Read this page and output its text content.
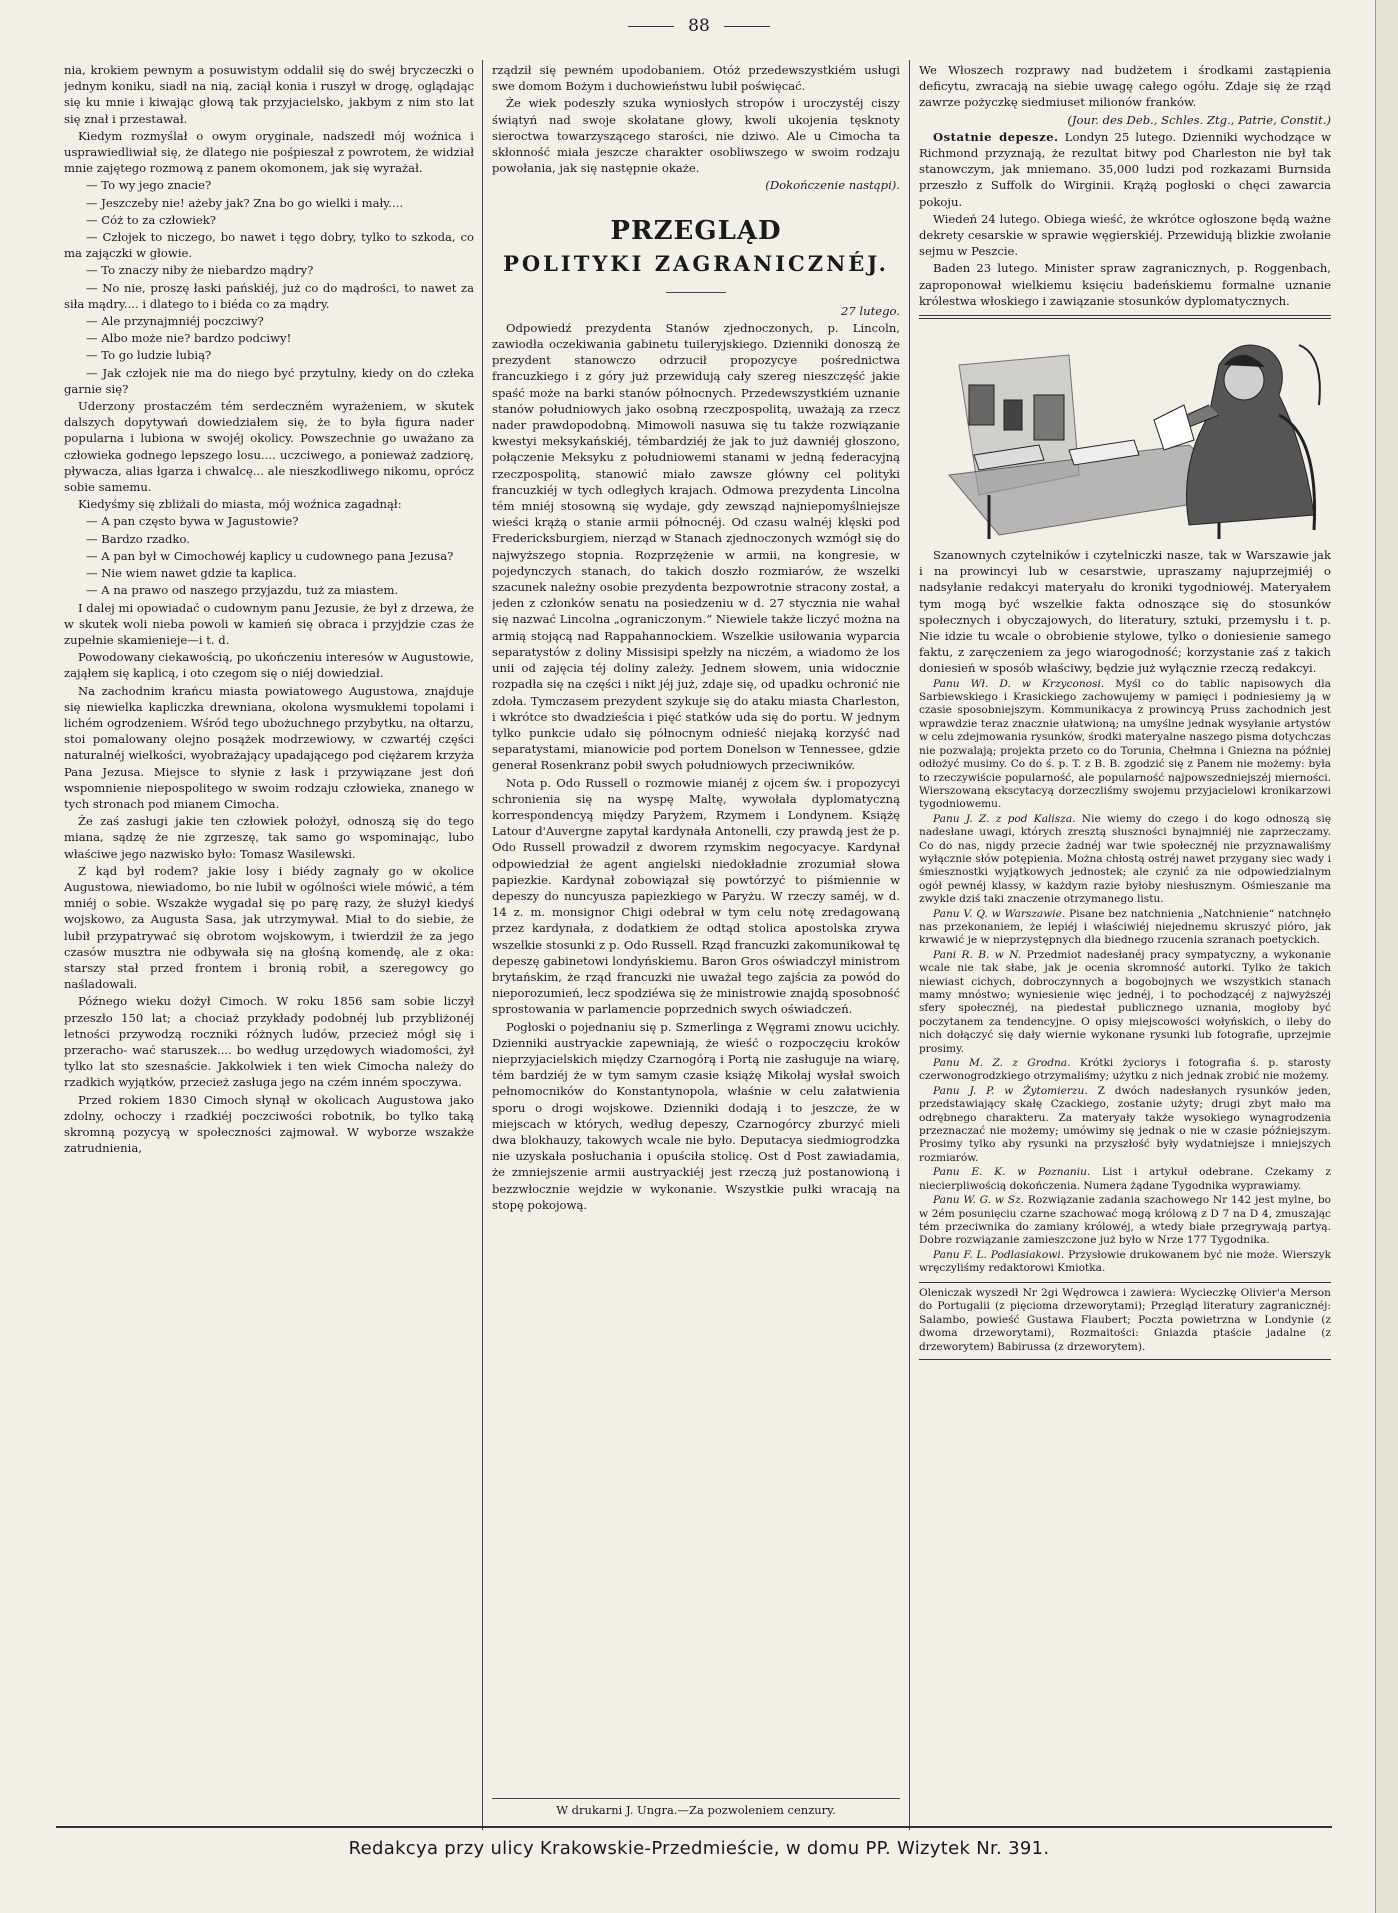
88

nia, krokiem pewnym a posuwistym oddalił się do swéj bryczeczki o jednym koniku, siadł na nią, zaciął konia i ruszył w drogę, oglądając się ku mnie i kiwając głową tak przyjacielsko, jakbym z nim sto lat się znał i przestawał.

Kiedym rozmyślał o owym oryginale, nadszedł mój woźnica i usprawiedliwiał się, że dlatego nie pośpieszał z powrotem, że widział mnie zajętego rozmową z panem okomonem, jak się wyrażał.

— To wy jego znacie?

— Jeszczeby nie! ażeby jak? Zna bo go wielki i mały....

— Cóż to za człowiek?

— Człojek to niczego, bo nawet i tęgo dobry, tylko to szkoda, co ma zajączki w głowie.

— To znaczy niby że niebardzo mądry?

— No nie, proszę łaski pańskiéj, już co do mądrości, to nawet za siła mądry.... i dlatego to i biéda co za mądry.

— Ale przynajmniéj poczciwy?

— Albo może nie? bardzo podciwy!

— To go ludzie lubią?

— Jak człojek nie ma do niego być przytulny, kiedy on do człeka garnie się?

Uderzony prostaczém tém serdeczném wyrażeniem, w skutek dalszych dopytywań dowiedziałem się, że to była figura nader popularna i lubiona w swojéj okolicy. Powszechnie go uważano za człowieka godnego lepszego losu.... uczciwego, a ponieważ zadziorę, pływacza, alias łgarza i chwalcę... ale nieszkodliwego nikomu, oprócz sobie samemu.

Kiedyśmy się zbliżali do miasta, mój woźnica zagadnął:

— A pan często bywa w Jagustowie?

— Bardzo rzadko.

— A pan był w Cimochowéj kaplicy u cudownego pana Jezusa?

— Nie wiem nawet gdzie ta kaplica.

— A na prawo od naszego przyjazdu, tuż za miastem.

I dalej mi opowiadać o cudownym panu Jezusie, że był z drzewa, że w skutek woli nieba powoli w kamień się obraca i przyjdzie czas że zupełnie skamienieje—i t. d.

Powodowany ciekawością, po ukończeniu interesów w Augustowie, zająłem się kaplicą, i oto czegom się o niéj dowiedział.

Na zachodnim krańcu miasta powiatowego Augustowa, znajduje się niewielka kapliczka drewniana, okolona wysmukłemi topolami i lichém ogrodzeniem. Wśród tego ubożuchnego przybytku, na ołtarzu, stoi pomalowany olejno posążek modrzewiowy, w czwartéj części naturalnéj wielkości, wyobrażający upadającego pod ciężarem krzyża Pana Jezusa. Miejsce to słynie z łask i przywiązane jest doń wspomnienie niepospolitego w swoim rodzaju człowieka, znanego w tych stronach pod mianem Cimocha.

Że zaś zasługi jakie ten człowiek położył, odnoszą się do tego miana, sądzę że nie zgrzeszę, tak samo go wspominając, lubo właściwe jego nazwisko było: Tomasz Wasilewski.

Z kąd był rodem? jakie losy i biédy zagnały go w okolice Augustowa, niewiadomo, bo nie lubił w ogólności wiele mówić, a tém mniéj o sobie. Wszakże wygadał się po parę razy, że służył kiedyś wojskowo, za Augusta Sasa, jak utrzymywał. Miał to do siebie, że lubił przypatrywać się obrotom wojskowym, i twierdził że za jego czasów musztra nie odbywała się na głośną komendę, ale z oka: starszy stał przed frontem i bronią robił, a szeregowcy go naśladowali.

Późnego wieku dożył Cimoch. W roku 1856 sam sobie liczył przeszło 150 lat; a chociaż przykłady podobnéj lub przybliżonéj letności przywodzą roczniki różnych ludów, przecież mógł się i przeracho- wać staruszek.... bo według urzędowych wiadomości, żył tylko lat sto szesnaście. Jakkolwiek i ten wiek Cimocha należy do rzadkich wyjątków, przecież zasługa jego na czém inném spoczywa.

Przed rokiem 1830 Cimoch słynął w okolicach Augustowa jako zdolny, ochoczy i rzadkiéj poczciwości robotnik, bo tylko taką skromną pozycyą w społeczności zajmował. W wyborze wszakże zatrudnienia,

rządził się pewném upodobaniem. Otóż przedewszystkiém usługi swe domom Bożym i duchowieństwu lubił poświęcać.

Że wiek podeszły szuka wyniosłych stropów i uroczystéj ciszy świątyń nad swoje skołatane głowy, kwoli ukojenia tęsknoty sieroctwa towarzyszącego starości, nie dziwo. Ale u Cimocha ta skłonność miała jeszcze charakter osobliwszego w swoim rodzaju powołania, jak się następnie okaże.

(Dokończenie nastąpi).

PRZEGLĄD
POLITYKI ZAGRANICZNÉJ.

27 lutego.

Odpowiedź prezydenta Stanów zjednoczonych, p. Lincoln, zawiodła oczekiwania gabinetu tuileryjskiego. Dzienniki donoszą że prezydent stanowczo odrzucił propozycye pośrednictwa francuzkiego i z góry już przewidują cały szereg nieszczęść jakie spaść może na barki stanów północnych. Przedewszystkiém uznanie stanów południowych jako osobną rzeczpospolitą, uważają za rzecz nader prawdopodobną. Mimowoli nasuwa się tu także rozwiązanie kwestyi meksykańskiéj, témbardziéj że jak to już dawniéj głoszono, połączenie Meksyku z południowemi stanami w jedną federacyjną rzeczpospolitą, stanowić miało zawsze główny cel polityki francuzkiéj w tych odległych krajach. Odmowa prezydenta Lincolna tém mniéj stosowną się wydaje, gdy zewsząd najniepomyślniejsze wieści krążą o stanie armii północnéj. Od czasu walnéj klęski pod Fredericksburgiem, nierząd w Stanach zjednoczonych wzmógł się do najwyższego stopnia. Rozprzężenie w armii, na kongresie, w pojedynczych stanach, do takich doszło rozmiarów, że wszelki szacunek należny osobie prezydenta bezpowrotnie stracony został, a jeden z członków senatu na posiedzeniu w d. 27 stycznia nie wahał się nazwać Lincolna „ograniczonym.“ Niewiele także liczyć można na armią stojącą nad Rappahannockiem. Wszelkie usiłowania wyparcia separatystów z doliny Missisipi spełzły na niczém, a wiadomo że los unii od zajęcia téj doliny zależy. Jednem słowem, unia widocznie rozpadła się na części i nikt jéj już, zdaje się, od upadku ochronić nie zdoła. Tymczasem prezydent szykuje się do ataku miasta Charleston, i wkrótce sto dwadzieścia i pięć statków uda się do portu. W jednym tylko punkcie udało się północnym odnieść niejaką korzyść nad separatystami, mianowicie pod portem Donelson w Tennessee, gdzie generał Rosenkranz pobił swych południowych przeciwników.

Nota p. Odo Russell o rozmowie mianéj z ojcem św. i propozycyi schronienia się na wyspę Maltę, wywołała dyplomatyczną korrespondencyą między Paryżem, Rzymem i Londynem. Książę Latour d'Auvergne zapytał kardynała Antonelli, czy prawdą jest że p. Odo Russell prowadził z dworem rzymskim negocyacye. Kardynał odpowiedział że agent angielski niedokładnie zrozumiał słowa papiezkie. Kardynał zobowiązał się powtórzyć to piśmiennie w depeszy do nuncyusza papiezkiego w Paryżu. W rzeczy saméj, w d. 14 z. m. monsignor Chigi odebrał w tym celu notę zredagowaną przez kardynała, z dodatkiem że odtąd stolica apostolska zrywa wszelkie stosunki z p. Odo Russell. Rząd francuzki zakomunikował tę depeszę gabinetowi londyńskiemu. Baron Gros oświadczył ministrom brytańskim, że rząd francuzki nie uważał tego zajścia za powód do nieporozumień, lecz spodziéwa się że ministrowie znajdą sposobność sprostowania w parlamencie poprzednich swych oświadczeń.

Pogłoski o pojednaniu się p. Szmerlinga z Węgrami znowu ucichły. Dzienniki austryackie zapewniają, że wieść o rozpoczęciu kroków nieprzyjacielskich między Czarnogórą i Portą nie zasługuje na wiarę, tém bardziéj że w tym samym czasie książę Mikołaj wysłał swoich pełnomocników do Konstantynopola, właśnie w celu załatwienia sporu o drogi wojskowe. Dzienniki dodają i to jeszcze, że w miejscach w których, według depeszy, Czarnogórcy zburzyć mieli dwa blokhauzy, takowych wcale nie było. Deputacya siedmiogrodzka nie uzyskała posłuchania i opuściła stolicę. Ost d Post zawiadamia, że zmniejszenie armii austryackiéj jest rzeczą już postanowioną i bezzwłocznie wejdzie w wykonanie. Wszystkie pułki wracają na stopę pokojową.

W drukarni J. Ungra.—Za pozwoleniem cenzury.

We Włoszech rozprawy nad budżetem i środkami zastąpienia deficytu, zwracają na siebie uwagę całego ogółu. Zdaje się że rząd zawrze pożyczkę siedmiuset milionów franków.

(Jour. des Deb., Schles. Ztg., Patrie, Constit.)

Ostatnie depesze. Londyn 25 lutego. Dzienniki wychodzące w Richmond przyznają, że rezultat bitwy pod Charleston nie był tak stanowczym, jak mniemano. 35,000 ludzi pod rozkazami Burnsida przeszło z Suffolk do Wirginii. Krążą pogłoski o chęci zawarcia pokoju.

Wiedeń 24 lutego. Obiega wieść, że wkrótce ogłoszone będą ważne dekrety cesarskie w sprawie węgierskiéj. Przewidują blizkie zwołanie sejmu w Peszcie.

Baden 23 lutego. Minister spraw zagranicznych, p. Roggenbach, zaproponował wielkiemu księciu badeńskiemu formalne uznanie królestwa włoskiego i zawiązanie stosunków dyplomatycznych.

Szanownych czytelników i czytelniczki nasze, tak w Warszawie jak i na prowincyi lub w cesarstwie, upraszamy najuprzejmiéj o nadsyłanie redakcyi materyału do kroniki tygodniowéj. Materyałem tym mogą być wszelkie fakta odnoszące się do stosunków społecznych i obyczajowych, do literatury, sztuki, przemysłu i t. p. Nie idzie tu wcale o obrobienie stylowe, tylko o doniesienie samego faktu, z zaręczeniem za jego wiarogodność; korzystanie zaś z takich doniesień w sposób właściwy, będzie już wyłącznie rzeczą redakcyi.

Panu Wł. D. w Krzyconosi. Myśl co do tablic napisowych dla Sarbiewskiego i Krasickiego zachowujemy w pamięci i podniesiemy ją w czasie sposobniejszym. Kommunikacya z prowincyą Pruss zachodnich jest wprawdzie teraz znacznie ułatwioną; na umyślne jednak wysyłanie artystów w celu zdejmowania rysunków, środki materyalne naszego pisma dotychczas nie pozwalają; projekta przeto co do Torunia, Chełmna i Gniezna na później odłożyć musimy. Co do ś. p. T. z B. B. zgodzić się z Panem nie możemy: była to rzeczywiście popularność, ale popularność najpowszedniejszéj mierności. Wierszowaną ekscytacyą dorzeczliśmy swojemu przyjacielowi kronikarzowi tygodniowemu.

Panu J. Z. z pod Kalisza. Nie wiemy do czego i do kogo odnoszą się nadesłane uwagi, których zresztą słuszności bynajmniéj nie zaprzeczamy. Co do nas, nigdy przecie żadnéj war twie społecznéj nie przyznawaliśmy wyłącznie słów potępienia. Można chłostą ostréj nawet przygany siec wady i śmiesznostki wyjątkowych jednostek; ale czynić za nie odpowiedzialnym ogół pewnéj klassy, w każdym razie byłoby niesłusznym. Ośmieszanie ma zwykle dziś taki znaczenie otrzymanego listu.

Panu V. Q. w Warszawie. Pisane bez natchnienia „Natchnienie“ natchnęło nas przekonaniem, że lepiéj i właściwiéj niejednemu skruszyć pióro, jak krwawić je w nieprzystępnych dla biednego rzucenia szranach poetyckich.

Pani R. B. w N. Przedmiot nadesłanéj pracy sympatyczny, a wykonanie wcale nie tak słabe, jak je ocenia skromność autorki. Tylko że takich niewiast cichych, dobroczynnych a bogobojnych we wszystkich stanach mamy mnóstwo; wyniesienie więc jednéj, i to pochodzącéj z najwyższéj sfery społecznéj, na piedestał publicznego uznania, mogłoby być poczytanem za tendencyjne. O opisy miejscowości wołyńskich, o ileby do nich dołączyć się dały wiernie wykonane rysunki lub fotografie, uprzejmie prosimy.

Panu M. Z. z Grodna. Krótki życiorys i fotografia ś. p. starosty czerwonogrodzkiego otrzymaliśmy; użytku z nich jednak zrobić nie możemy.

Panu J. P. w Żytomierzu. Z dwóch nadesłanych rysunków jeden, przedstawiający skałę Czackiego, zostanie użyty; drugi zbyt mało ma odrębnego charakteru. Za materyały także wysokiego wynagrodzenia przeznaczać nie możemy; umówimy się jednak o nie w czasie późniejszym. Prosimy tylko aby rysunki na przyszłość były wydatniejsze i mniejszych rozmiarów.

Panu E. K. w Poznaniu. List i artykuł odebrane. Czekamy z niecierpliwością dokończenia. Numera żądane Tygodnika wyprawiamy.

Panu W. G. w Sz. Rozwiązanie zadania szachowego Nr 142 jest mylne, bo w 2ém posunięciu czarne szachować mogą królową z D 7 na D 4, zmuszając tém przeciwnika do zamiany królowéj, a wtedy białe przegrywają partyą. Dobre rozwiązanie zamieszczone już było w Nrze 177 Tygodnika.

Panu F. L. Podlasiakowi. Przysłowie drukowanem być nie może. Wierszyk wręczyliśmy redaktorowi Kmiotka.

Oleniczak wyszedł Nr 2gi Wędrowca i zawiera: Wycieczkę Olivier'a Merson do Portugalii (z pięcioma drzeworytami); Przegląd literatury zagranicznéj: Salambo, powieść Gustawa Flaubert; Poczta powietrzna w Londynie (z dwoma drzeworytami), Rozmaitości: Gniazda ptaście jadalne (z drzeworytem) Babirussa (z drzeworytem).
Redakcya przy ulicy Krakowskie-Przedmieście, w domu PP. Wizytek Nr. 391.
